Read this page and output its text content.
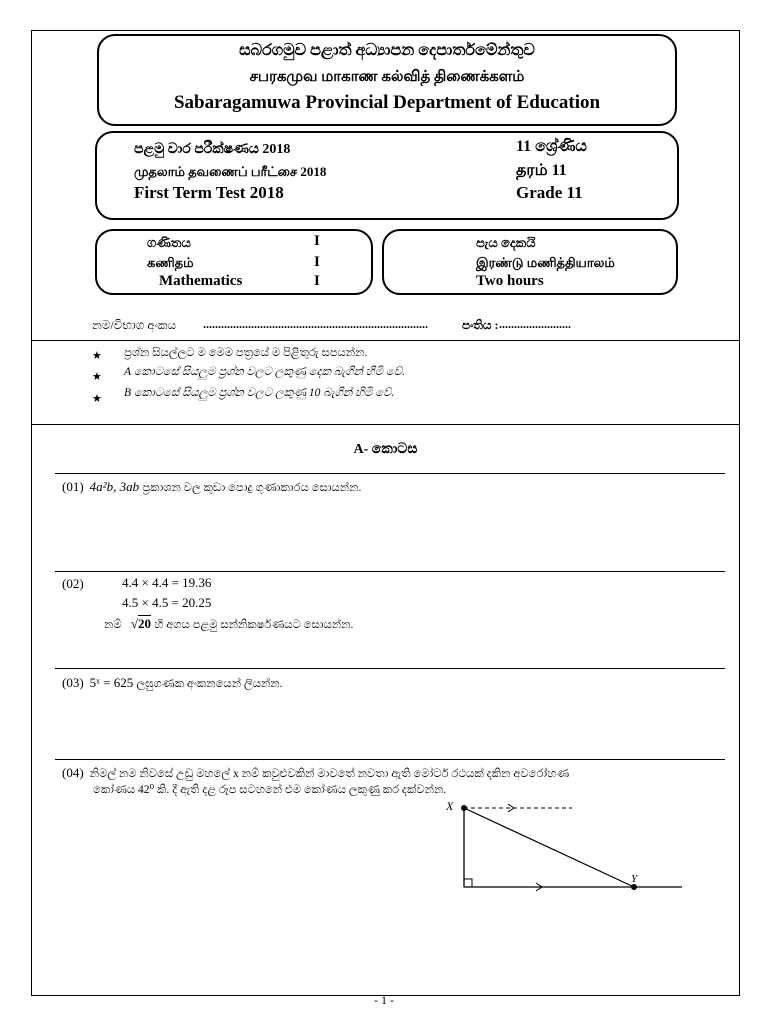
සබරගමුව පළාත් අධ්‍යාපන දෙපාර්තමේන්තුව
சபரகமுவ மாகாண கல்வித் திணைக்களம்
Sabaragamuwa Provincial Department of Education
පළමු වාර පරීක්ෂණය 2018
முதலாம் தவணைப் பரீட்சை 2018
First Term Test 2018
11 ශ්‍රේණිය
தரம் 11
Grade 11
ගණිතය
கணிதம்
Mathematics
I
I
I
පැය දෙකයි
இரண்டு மணித்தியாலம்
Two hours
නම/විභාග අංකය ...........................................................................	පංතිය : ........................
★ ප්‍රශ්න සියල්ලට ම මෙම පත්‍රයේ ම පිළිතුරු සපයන්න.
★ A කොටසේ සියලුම ප්‍රශ්න වලට ලකුණු දෙක බැගින් හිමි වේ.
★ B කොටසේ සියලුම ප්‍රශ්න වලට ලකුණු 10 බැගින් හිමි වේ.
A- කොටස
(01) 4a²b, 3ab ප්‍රකාශන වල කුඩා පොදු ගුණාකාරය සොයන්න.
(02)	4.4 × 4.4 = 19.36
4.5 × 4.5 = 20.25
නම් √20 හි අගය පළමු සන්නිකර්ෂණයට සොයන්න.
(03) 5ˣ = 625 ලඝුගණක අංකනයෙන් ලියන්න.
(04) නිමල් නම නිවසේ උඩු මහලේ x නම් කවුළුවකින් මාවතේ නවතා ඇති මෝටර් රථයක් දකින අවරෝහණ
කෝණය 42⁰ කි. දී ඇති දළ රූප සටහනේ එම කෝණය ලකුණු කර දක්වන්න.
X
Y
- 1 -
